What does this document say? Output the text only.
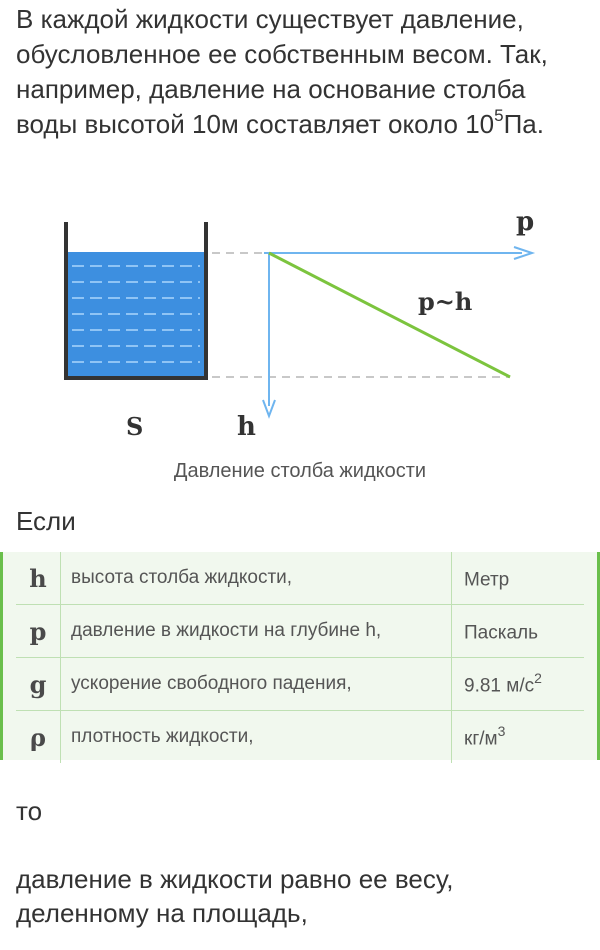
В каждой жидкости существует давление, обусловленное ее собственным весом. Так, например, давление на основание столба воды высотой 10м составляет около $10^5Па$.

p
p~h
S	h
Давление столба жидкости
Если
h	высота столба жидкости,	Метр
p	давление в жидкости на глубине h,	Паскаль
g	ускорение свободного падения,	9.81 $м/с^2$
ρ	плотность жидкости,	$кг/м^3$
то
давление в жидкости равно ее весу, деленному на площадь,
